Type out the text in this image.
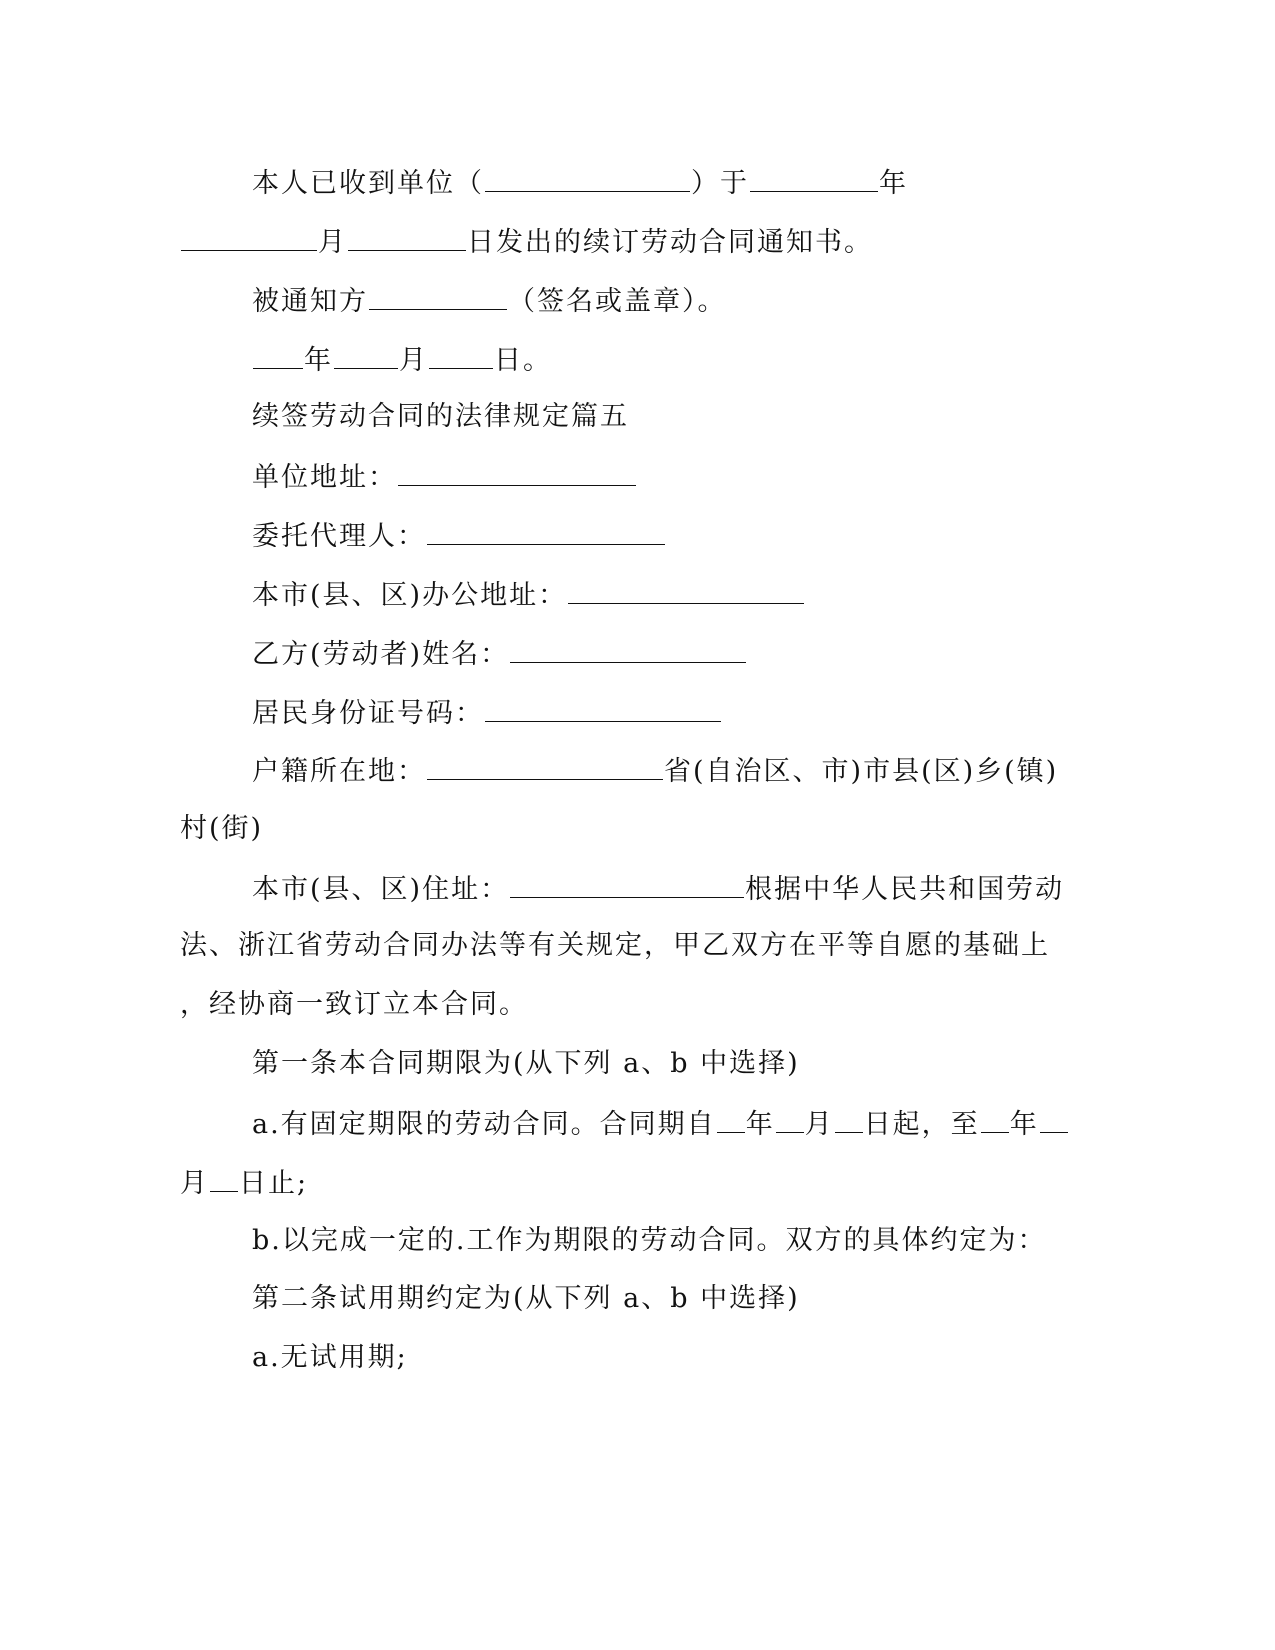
本人已收到单位（	）于	年
月	日发出的续订劳动合同通知书。
被通知方	（签名或盖章）。
年 月 日。
续签劳动合同的法律规定篇五
单位地址：
委托代理人：
本市(县、区)办公地址：
乙方(劳动者)姓名：
居民身份证号码：
户籍所在地：	省(自治区、市)市县(区)乡(镇)
村(街)
本市(县、区)住址：	根据中华人民共和国劳动
法、浙江省劳动合同办法等有关规定，甲乙双方在平等自愿的基础上
，经协商一致订立本合同。
第一条本合同期限为(从下列 a、b 中选择)
a.有固定期限的劳动合同。合同期自 年 月 日起，至 年
月 日止;
b.以完成一定的.工作为期限的劳动合同。双方的具体约定为：
第二条试用期约定为(从下列 a、b 中选择)
a.无试用期;
